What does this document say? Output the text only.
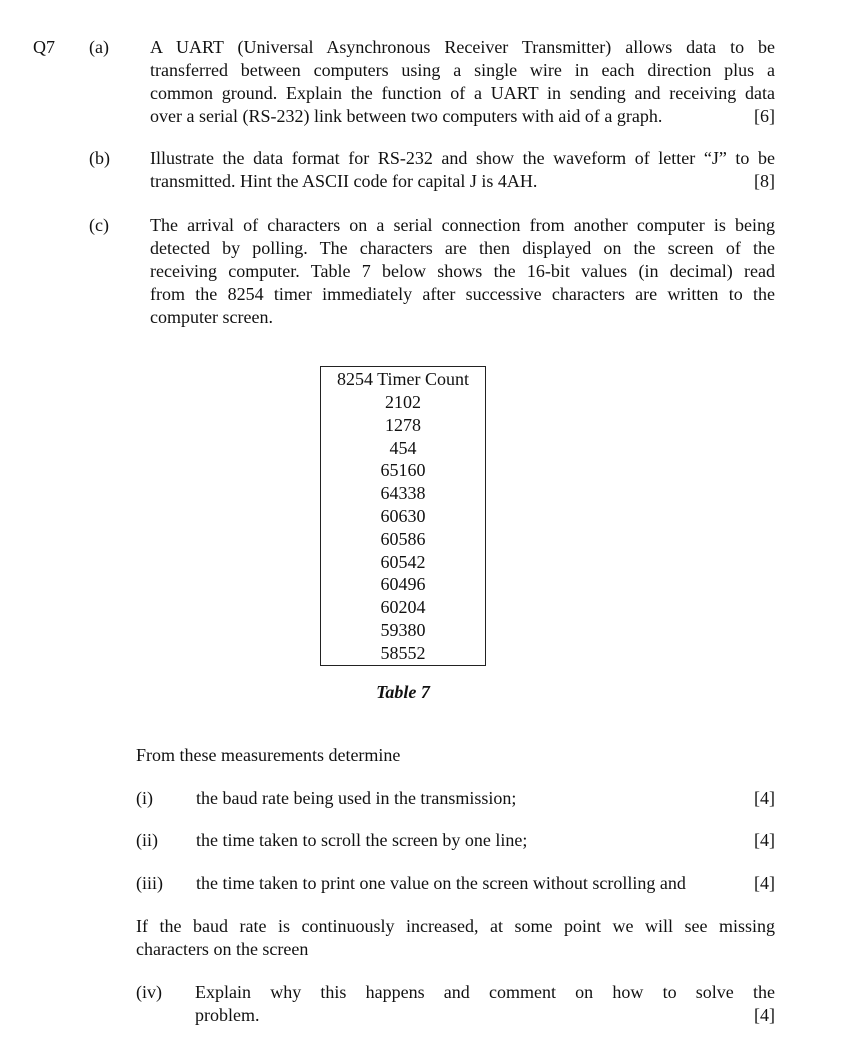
Q7 (a) A UART (Universal Asynchronous Receiver Transmitter) allows data to be
transferred between computers using a single wire in each direction plus a
common ground. Explain the function of a UART in sending and receiving data
over a serial (RS-232) link between two computers with aid of a graph.	[6]
(b) Illustrate the data format for RS-232 and show the waveform of letter “J” to be
transmitted. Hint the ASCII code for capital J is 4AH.	[8]
(c) The arrival of characters on a serial connection from another computer is being
detected by polling. The characters are then displayed on the screen of the
receiving computer. Table 7 below shows the 16-bit values (in decimal) read
from the 8254 timer immediately after successive characters are written to the
computer screen.
8254 Timer Count
2102
1278
454
65160
64338
60630
60586
60542
60496
60204
59380
58552
Table 7
From these measurements determine
(i) the baud rate being used in the transmission;	[4]
(ii) the time taken to scroll the screen by one line;	[4]
(iii) the time taken to print one value on the screen without scrolling and	[4]
If the baud rate is continuously increased, at some point we will see missing
characters on the screen
(iv) Explain why this happens and comment on how to solve the
problem.	[4]
